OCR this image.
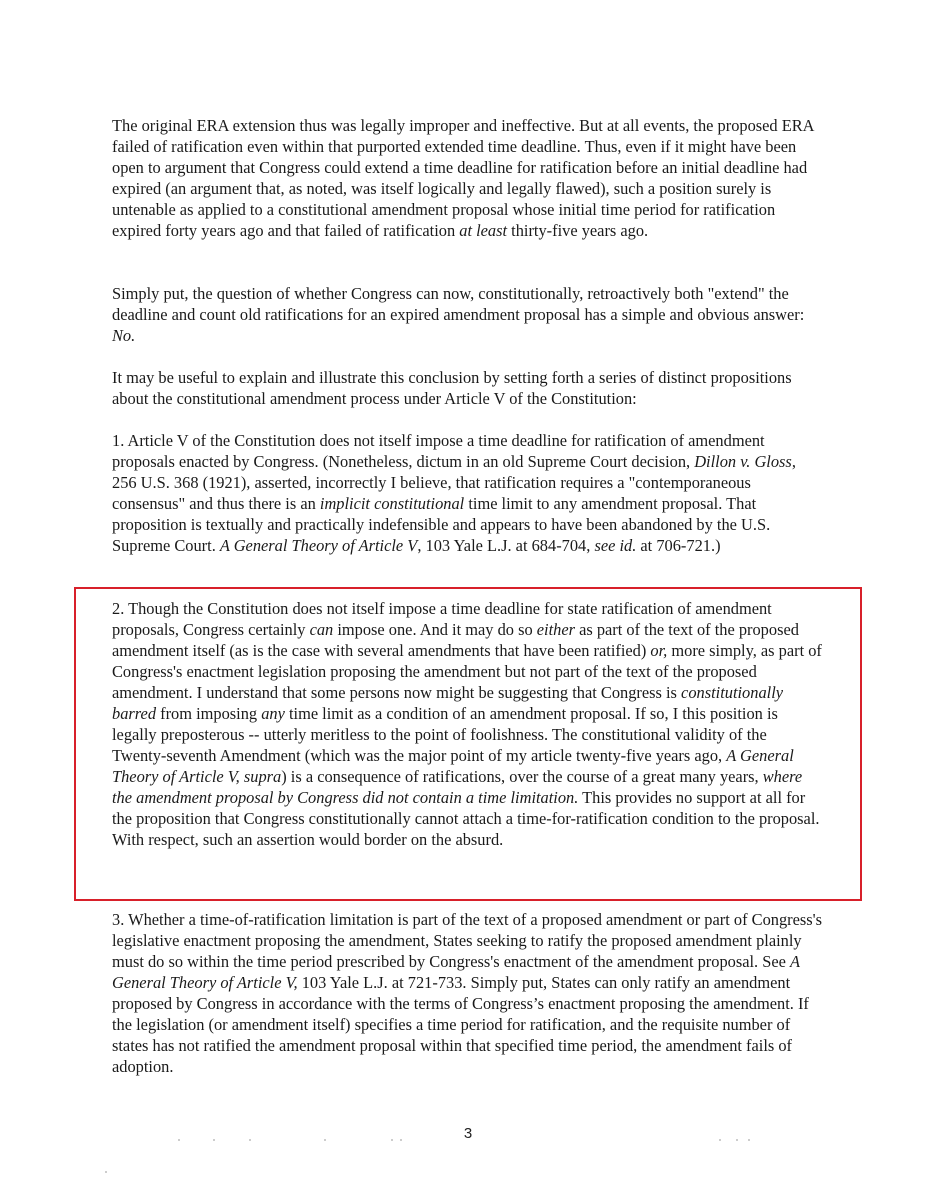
The original ERA extension thus was legally improper and ineffective. But at all events, the proposed ERA failed of ratification even within that purported extended time deadline. Thus, even if it might have been open to argument that Congress could extend a time deadline for ratification before an initial deadline had expired (an argument that, as noted, was itself logically and legally flawed), such a position surely is untenable as applied to a constitutional amendment proposal whose initial time period for ratification expired forty years ago and that failed of ratification at least thirty-five years ago.

Simply put, the question of whether Congress can now, constitutionally, retroactively both "extend" the deadline and count old ratifications for an expired amendment proposal has a simple and obvious answer: No.

It may be useful to explain and illustrate this conclusion by setting forth a series of distinct propositions about the constitutional amendment process under Article V of the Constitution:

1. Article V of the Constitution does not itself impose a time deadline for ratification of amendment proposals enacted by Congress. (Nonetheless, dictum in an old Supreme Court decision, Dillon v. Gloss, 256 U.S. 368 (1921), asserted, incorrectly I believe, that ratification requires a "contemporaneous consensus" and thus there is an implicit constitutional time limit to any amendment proposal. That proposition is textually and practically indefensible and appears to have been abandoned by the U.S. Supreme Court. A General Theory of Article V, 103 Yale L.J. at 684-704, see id. at 706-721.)

2. Though the Constitution does not itself impose a time deadline for state ratification of amendment proposals, Congress certainly can impose one. And it may do so either as part of the text of the proposed amendment itself (as is the case with several amendments that have been ratified) or, more simply, as part of Congress's enactment legislation proposing the amendment but not part of the text of the proposed amendment. I understand that some persons now might be suggesting that Congress is constitutionally barred from imposing any time limit as a condition of an amendment proposal. If so, I this position is legally preposterous -- utterly meritless to the point of foolishness. The constitutional validity of the Twenty-seventh Amendment (which was the major point of my article twenty-five years ago, A General Theory of Article V, supra) is a consequence of ratifications, over the course of a great many years, where the amendment proposal by Congress did not contain a time limitation. This provides no support at all for the proposition that Congress constitutionally cannot attach a time-for-ratification condition to the proposal. With respect, such an assertion would border on the absurd.

3. Whether a time-of-ratification limitation is part of the text of a proposed amendment or part of Congress's legislative enactment proposing the amendment, States seeking to ratify the proposed amendment plainly must do so within the time period prescribed by Congress's enactment of the amendment proposal. See A General Theory of Article V, 103 Yale L.J. at 721-733. Simply put, States can only ratify an amendment proposed by Congress in accordance with the terms of Congress’s enactment proposing the amendment. If the legislation (or amendment itself) specifies a time period for ratification, and the requisite number of states has not ratified the amendment proposal within that specified time period, the amendment fails of adoption.

3
